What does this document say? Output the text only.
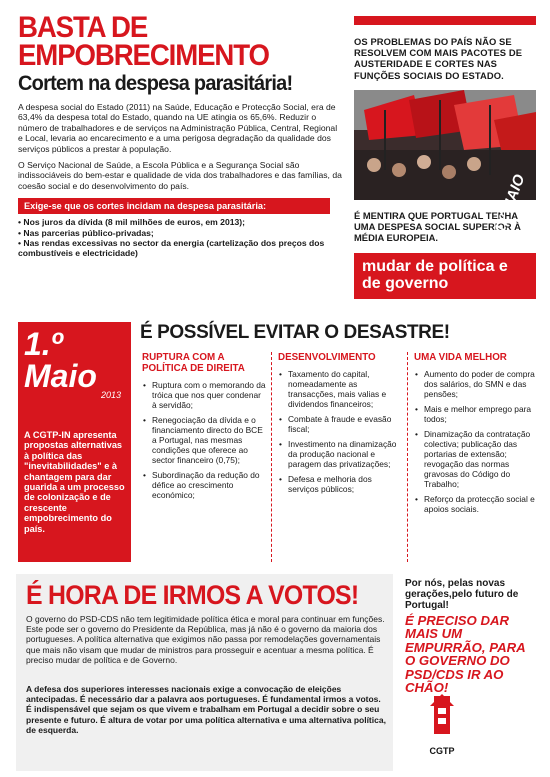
BASTA DE EMPOBRECIMENTO
Cortem na despesa parasitária!

A despesa social do Estado (2011) na Saúde, Educação e Protecção Social, era de 63,4% da despesa total do Estado, quando na UE atingia os 65,6%. Reduzir o número de trabalhadores e de serviços na Administração Pública, Central, Regional e Local, levaria ao encarecimento e a uma perigosa degradação da qualidade dos serviços públicos a prestar à população.

O Serviço Nacional de Saúde, a Escola Pública e a Segurança Social são indissociáveis do bem-estar e qualidade de vida dos trabalhadores e das famílias, da coesão social e do desenvolvimento do país.

Exige-se que os cortes incidam na despesa parasitária:
• Nos juros da dívida (8 mil milhões de euros, em 2013);
• Nas parcerias público-privadas;
• Nas rendas excessivas no sector da energia (cartelização dos preços dos combustíveis e electricidade)

OS PROBLEMAS DO PAÍS NÃO SE RESOLVEM COM MAIS PACOTES DE AUSTERIDADE E CORTES NAS FUNÇÕES SOCIAIS DO ESTADO.

1.º MAIO

É MENTIRA QUE PORTUGAL TENHA UMA DESPESA SOCIAL SUPERIOR À MÉDIA EUROPEIA.

mudar de política e de governo
1.º Maio
2013

A CGTP-IN apresenta propostas alternativas à política das "inevitabilidades" e à chantagem para dar guarida a um processo de colonização e de crescente empobrecimento do país.

É POSSÍVEL EVITAR O DESASTRE!
RUPTURA COM A POLÍTICA DE DIREITA
• Ruptura com o memorando da tróica que nos quer condenar à servidão;
• Renegociação da dívida e o financiamento directo do BCE a Portugal, nas mesmas condições que oferece ao sector financeiro (0,75);
• Subordinação da redução do défice ao crescimento económico;
DESENVOLVIMENTO
• Taxamento do capital, nomeadamente as transacções, mais valias e dividendos financeiros;
• Combate à fraude e evasão fiscal;
• Investimento na dinamização da produção nacional e paragem das privatizações;
• Defesa e melhoria dos serviços públicos;
UMA VIDA MELHOR
• Aumento do poder de compra dos salários, do SMN e das pensões;
• Mais e melhor emprego para todos;
• Dinamização da contratação colectiva; publicação das portarias de extensão; revogação das normas gravosas do Código do Trabalho;
• Reforço da protecção social e apoios sociais.
É HORA DE IRMOS A VOTOS!

O governo do PSD-CDS não tem legitimidade política ética e moral para continuar em funções. Este pode ser o governo do Presidente da República, mas já não é o governo da maioria dos portugueses. A política alternativa que exigimos não passa por remodelações governamentais que mais não visam que mudar de ministros para prosseguir e acentuar a mesma política. É preciso mudar de política e de Governo.

A defesa dos superiores interesses nacionais exige a convocação de eleições antecipadas. É necessário dar a palavra aos portugueses. É fundamental irmos a votos. É indispensável que sejam os que vivem e trabalham em Portugal a decidir sobre o seu presente e futuro. É altura de votar por uma política alternativa e uma alternativa política, de esquerda.

Por nós, pelas novas gerações,pelo futuro de Portugal!

É PRECISO DAR MAIS UM EMPURRÃO, PARA O GOVERNO DO PSD/CDS IR AO CHÃO!

CGTP
